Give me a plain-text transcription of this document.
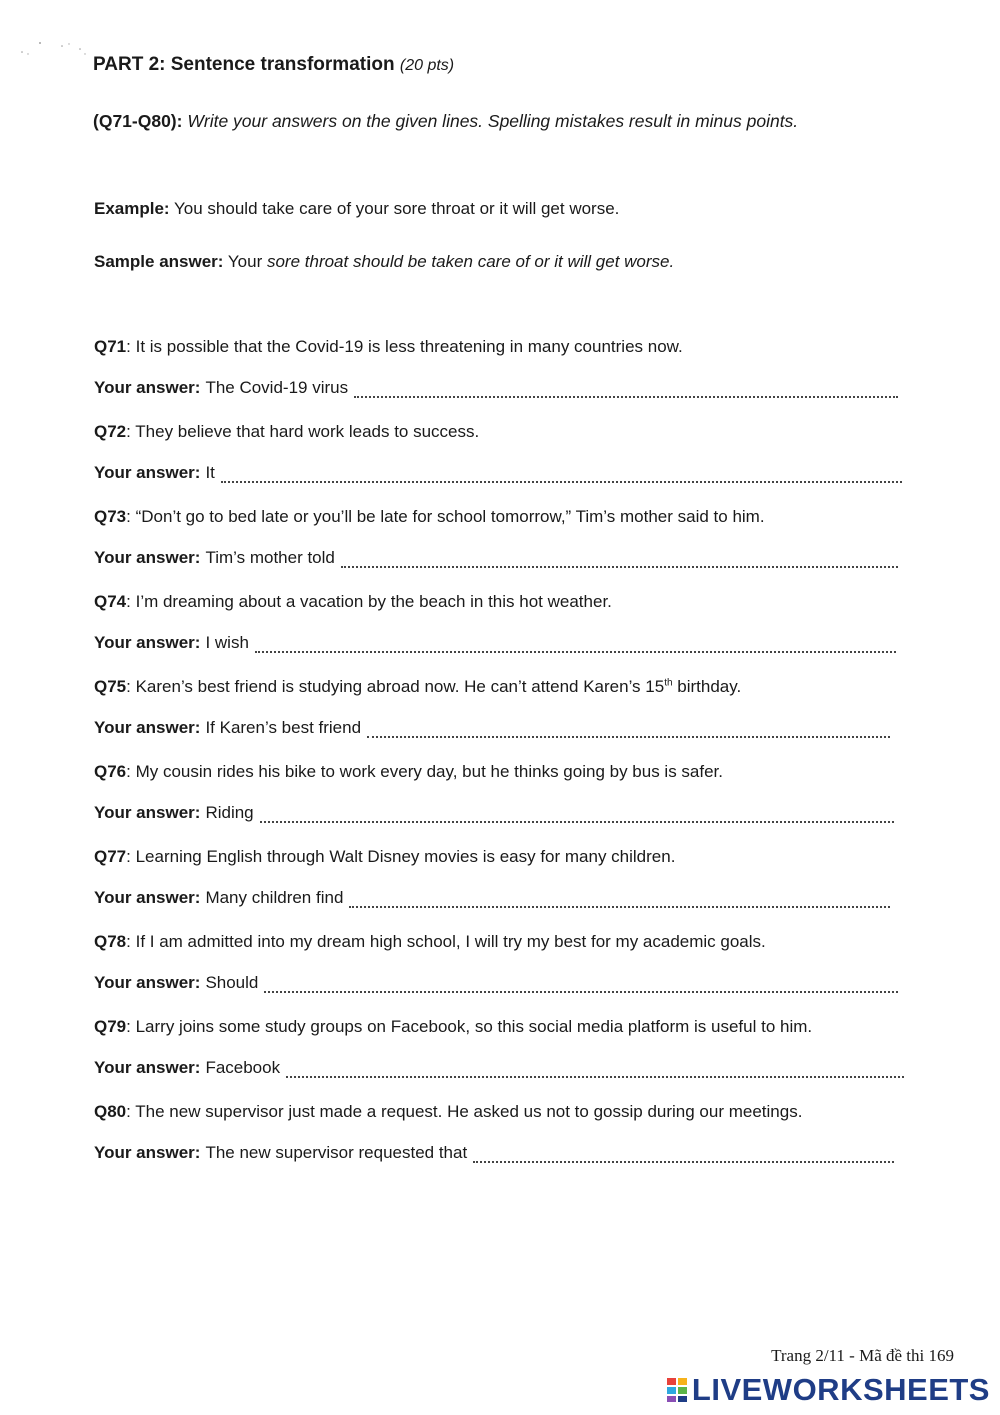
PART 2: Sentence transformation (20 pts)
(Q71-Q80): Write your answers on the given lines. Spelling mistakes result in minus points.
Example: You should take care of your sore throat or it will get worse.
Sample answer: Your sore throat should be taken care of or it will get worse.
Q71: It is possible that the Covid-19 is less threatening in many countries now.
Your answer: The Covid-19 virus
Q72: They believe that hard work leads to success.
Your answer: It
Q73: “Don’t go to bed late or you’ll be late for school tomorrow,” Tim’s mother said to him.
Your answer: Tim’s mother told
Q74: I’m dreaming about a vacation by the beach in this hot weather.
Your answer: I wish
Q75: Karen’s best friend is studying abroad now. He can’t attend Karen’s 15th birthday.
Your answer: If Karen’s best friend
Q76: My cousin rides his bike to work every day, but he thinks going by bus is safer.
Your answer: Riding
Q77: Learning English through Walt Disney movies is easy for many children.
Your answer: Many children find
Q78: If I am admitted into my dream high school, I will try my best for my academic goals.
Your answer: Should
Q79: Larry joins some study groups on Facebook, so this social media platform is useful to him.
Your answer: Facebook
Q80: The new supervisor just made a request. He asked us not to gossip during our meetings.
Your answer: The new supervisor requested that
Trang 2/11 - Mã đề thi 169
LIVEWORKSHEETS
